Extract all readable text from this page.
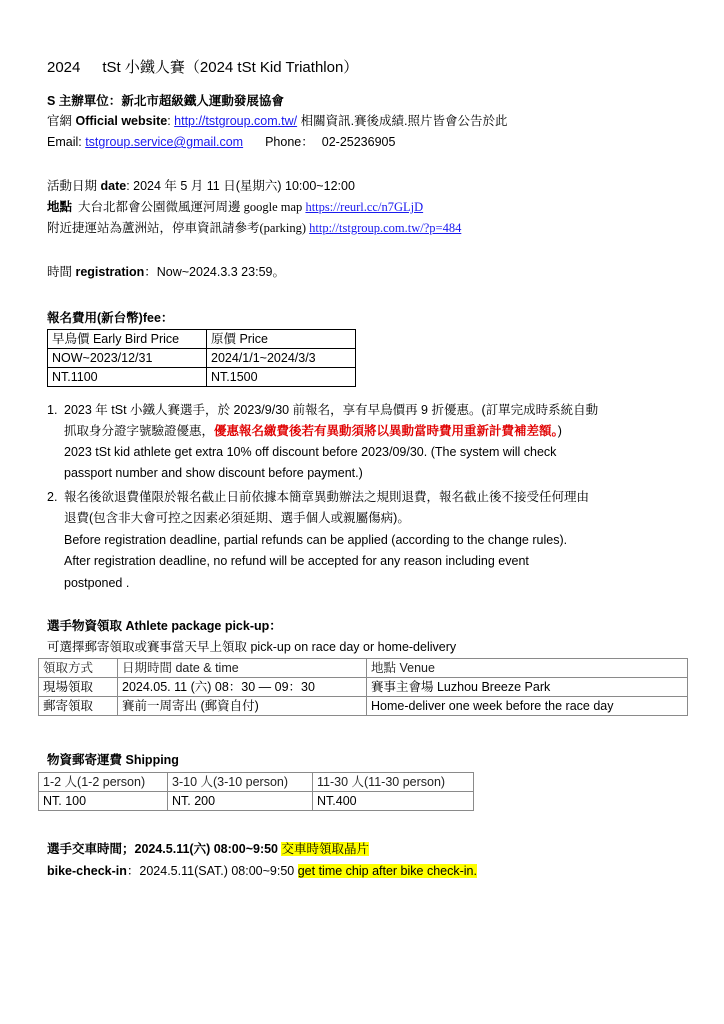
2024 tSt 小鐵人賽（2024 tSt Kid Triathlon）
S 主辦單位：新北市超級鐵人運動發展協會
官網 Official website: http://tstgroup.com.tw/ 相關資訊.賽後成績.照片皆會公告於此
Email: tstgroup.service@gmail.com Phone： 02-25236905
活動日期 date: 2024 年 5 月 11 日(星期六) 10:00~12:00
地點 大台北都會公園微風運河周邊 google map https://reurl.cc/n7GLjD
附近捷運站為蘆洲站，停車資訊請參考(parking) http://tstgroup.com.tw/?p=484
時間 registration：Now~2024.3.3 23:59。
報名費用(新台幣)fee：
早鳥價 Early Bird Price	原價 Price
NOW~2023/12/31	2024/1/1~2024/3/3
NT.1100	NT.1500
1. 2023 年 tSt 小鐵人賽選手，於 2023/9/30 前報名，享有早鳥價再 9 折優惠。(訂單完成時系統自動
抓取身分證字號驗證優惠，優惠報名繳費後若有異動須將以異動當時費用重新計費補差額。)
2023 tSt kid athlete get extra 10% off discount before 2023/09/30. (The system will check
passport number and show discount before payment.)
2. 報名後欲退費僅限於報名截止日前依據本簡章異動辦法之規則退費，報名截止後不接受任何理由
退費(包含非大會可控之因素必須延期、選手個人或親屬傷病)。
Before registration deadline, partial refunds can be applied (according to the change rules).
After registration deadline, no refund will be accepted for any reason including event
postponed .
選手物資領取 Athlete package pick-up：
可選擇郵寄領取或賽事當天早上領取 pick-up on race day or home-delivery
領取方式	日期時間 date & time	地點 Venue
現場領取	2024.05. 11 (六) 08：30 — 09：30	賽事主會場 Luzhou Breeze Park
郵寄領取	賽前一周寄出 (郵資自付)	Home-deliver one week before the race day
物資郵寄運費 Shipping
1-2 人(1-2 person)	3-10 人(3-10 person)	11-30 人(11-30 person)
NT. 100	NT. 200	NT.400
選手交車時間；2024.5.11(六) 08:00~9:50 交車時領取晶片
bike-check-in：2024.5.11(SAT.) 08:00~9:50 get time chip after bike check-in.
